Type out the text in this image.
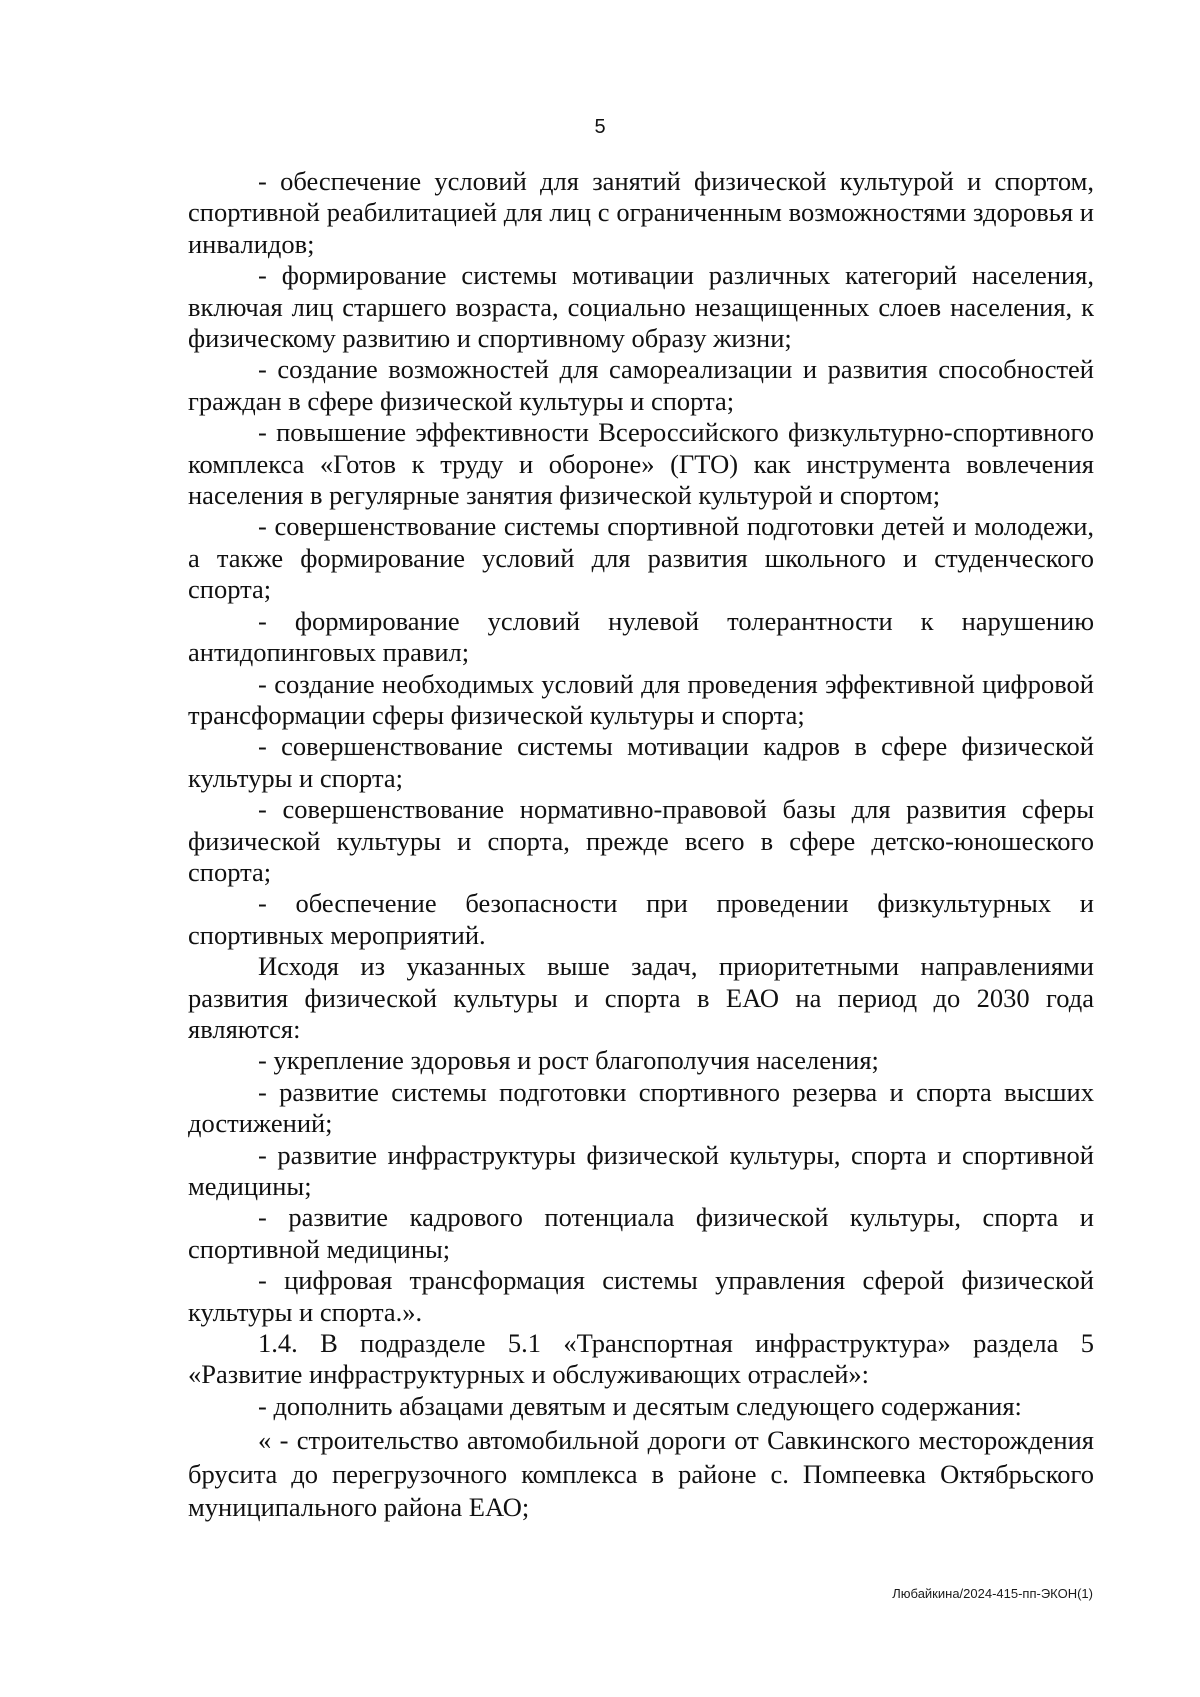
5

- обеспечение условий для занятий физической культурой и спортом, спортивной реабилитацией для лиц с ограниченным возможностями здоровья и инвалидов;

- формирование системы мотивации различных категорий населения, включая лиц старшего возраста, социально незащищенных слоев населения, к физическому развитию и спортивному образу жизни;

- создание возможностей для самореализации и развития способностей граждан в сфере физической культуры и спорта;

- повышение эффективности Всероссийского физкультурно-спортивного комплекса «Готов к труду и обороне» (ГТО) как инструмента вовлечения населения в регулярные занятия физической культурой и спортом;

- совершенствование системы спортивной подготовки детей и молодежи, а также формирование условий для развития школьного и студенческого спорта;

- формирование условий нулевой толерантности к нарушению антидопинговых правил;

- создание необходимых условий для проведения эффективной цифровой трансформации сферы физической культуры и спорта;

- совершенствование системы мотивации кадров в сфере физической культуры и спорта;

- совершенствование нормативно-правовой базы для развития сферы физической культуры и спорта, прежде всего в сфере детско-юношеского спорта;

- обеспечение безопасности при проведении физкультурных и спортивных мероприятий.

Исходя из указанных выше задач, приоритетными направлениями развития физической культуры и спорта в ЕАО на период до 2030 года являются:

- укрепление здоровья и рост благополучия населения;

- развитие системы подготовки спортивного резерва и спорта высших достижений;

- развитие инфраструктуры физической культуры, спорта и спортивной медицины;

- развитие кадрового потенциала физической культуры, спорта и спортивной медицины;

- цифровая трансформация системы управления сферой физической культуры и спорта.».

1.4. В подразделе 5.1 «Транспортная инфраструктура» раздела 5 «Развитие инфраструктурных и обслуживающих отраслей»:

- дополнить абзацами девятым и десятым следующего содержания:

« - строительство автомобильной дороги от Савкинского месторождения брусита до перегрузочного комплекса в районе с. Помпеевка Октябрьского муниципального района ЕАО;

Любайкина/2024-415-пп-ЭКОН(1)
